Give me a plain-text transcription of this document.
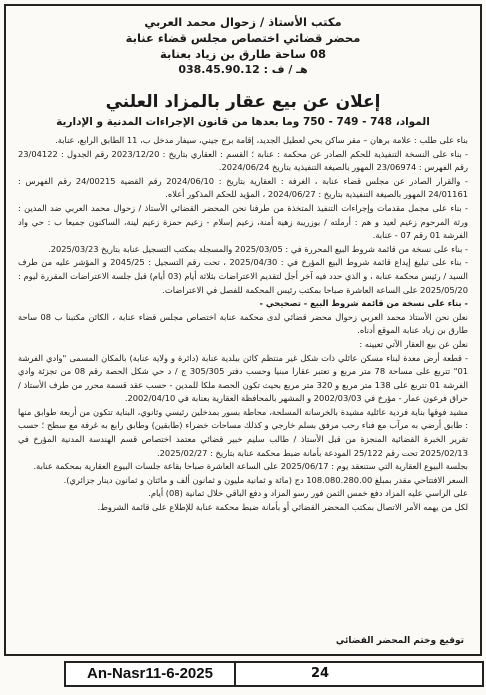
مكتب الأستاذ / زحوال محمد العربي
محضر قضائي اختصاص مجلس قضاء عنابة
08 ساحة طارق بن زياد بعنابة
هـ / ف : 038.45.90.12
إعلان عن بيع عقار بالمزاد العلني
المواد، 748 - 749 - 750 وما بعدها من قانون الإجراءات المدنية و الإدارية

بناء على طلب : علامة برهان – مقر ساكن بحي لعطيل الجديد، إقامة برج جيني، سيفار مدخل ب، 11 الطابق الرابع، عنابة.

- بناء على النسخة التنفيذية للحكم الصادر عن محكمة : عنابة ؛ القسم : العقاري بتاريخ : 2023/12/20 رقم الجدول : 23/04122 رقم الفهرس : 23/06974 المهور بالصيغة التنفيذية بتاريخ 2024/06/24.

- والقرار الصادر عن مجلس قضاء عنابة ، الغرفة : العقارية بتاريخ : 2024/06/10 رقم القضية 24/00215 رقم الفهرس : 24/01161 المهور بالصيغة التنفيذية بتاريخ : 2024/06/27 ، المؤيد للحكم المذكور أعلاه.

- بناء على مجمل مقدمات وإجراءات التنفيذ المتخذة من طرفنا نحن المحضر القضائي الأستاذ / زحوال محمد العربي ضد المدين : ورثة المرحوم زعيم لعيد و هم : أرملته / بوزريبة زهية أمنة، زعيم إسلام - زعيم حمزة زعيم لينة، الساكنون جميعا ب : حي واد الفرشة 01 رقم 07 - عنابة.

- بناء على نسخة من قائمة شروط البيع المحررة في : 2025/03/05 والمسجلة بمكتب التسجيل عنابة بتاريخ 2025/03/23.

- بناء على تبليغ إيداع قائمة شروط البيع المؤرخ في : 2025/04/30 ، تحت رقم التسجيل : 2045/25 و المؤشر عليه من طرف السيد / رئيس محكمة عنابة ، و الذي حدد فيه آخر أجل لتقديم الاعتراضات بثلاثة أيام (03 أيام) قبل جلسة الاعتراضات المقررة ليوم : 2025/05/20 على الساعة العاشرة صباحا بمكتب رئيس المحكمة للفصل في الاعتراضات.

- بناء على نسخة من قائمة شروط البيع - تصحيحي -

نعلن نحن الأستاذ محمد العربي زحوال محضر قضائي لدى محكمة عنابة اختصاص مجلس قضاء عنابة ، الكائن مكتبنا ب 08 ساحة طارق بن زياد عنابة الموقع أدناه.

نعلن عن بيع العقار الآتي تعيينه :

- قطعة أرض معدة لبناء مسكن عائلي ذات شكل غير منتظم كائن ببلدية عنابة (دائرة و ولاية عنابة) بالمكان المسمى "وادي الفرشة 01" تتربع على مساحة 78 متر مربع و تعتبر عقارا مبنيا وحسب دفتر 305/305 ج / د حي شكل الحصة رقم 08 من تجزئة وادي الفرشة 01 تتربع على 138 متر مربع و 320 متر مربع بحيث تكون الحصة ملكا للمدين - حسب عقد قسمة محرر من طرف الأستاذ / حراق فرعون عمار - مؤرخ في 2002/03/03 و المشهر بالمحافظة العقارية بعنابة في 2002/04/10.

مشيد فوقها بناية فردية عائلية مشيدة بالخرسانة المسلحة، محاطة بسور بمدخلين رئيسي وثانوي، البناية تتكون من أربعة طوابق منها : طابق أرضي به مرآب مع فناء رحب مرفق بسلم خارجي و كذلك مساحات خضراء (طابقين) وطابق رابع به غرفة مع سطح ؛ حسب تقرير الخبرة القضائية المنجزة من قبل الأستاذ / طالب سليم خبير قضائي معتمد اختصاص قسم الهندسة المدنية المؤرخ في 2025/02/13 تحت رقم 25/122 المودعة بأمانة ضبط محكمة عنابة بتاريخ : 2025/02/27.

بجلسة البيوع العقارية التي ستنعقد يوم : 2025/06/17 على الساعة العاشرة صباحا بقاعة جلسات البيوع العقارية بمحكمة عنابة.

السعر الافتتاحي مقدر بمبلغ 108.080.280.00 دج (مائة و ثمانية مليون و ثمانون ألف و مائتان و ثمانون دينار جزائري).

على الراسي عليه المزاد دفع خمس الثمن فور رسو المزاد و دفع الباقي خلال ثمانية (08) أيام.

لكل من يهمه الأمر الاتصال بمكتب المحضر القضائي أو بأمانة ضبط محكمة عنابة للإطلاع على قائمة الشروط.

توقيع وختم المحضر القضائي
An-Nasr11-6-2025	24
